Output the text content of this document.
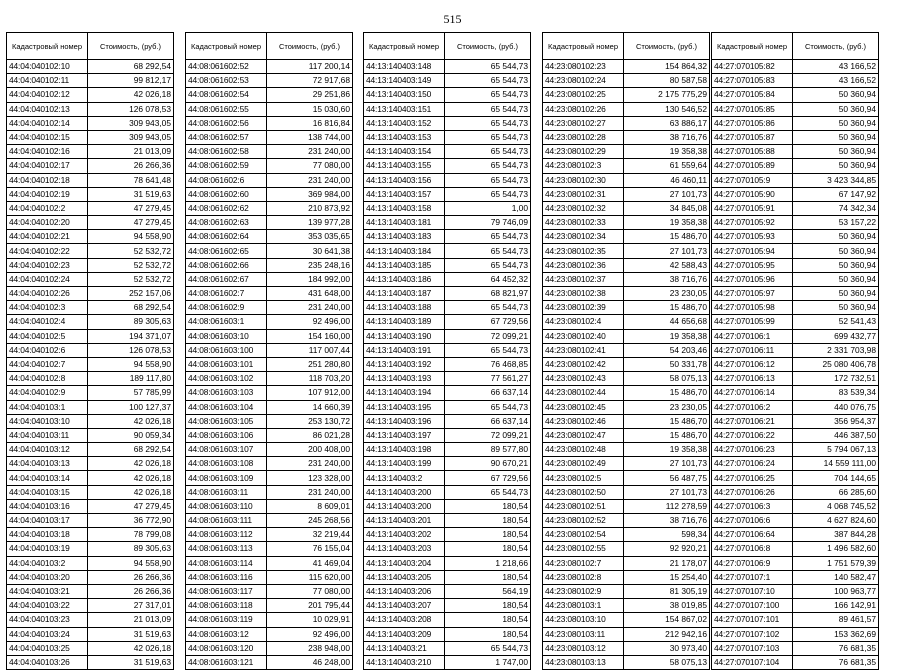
515
Кадастровый номер	Стоимость, (руб.)
44:04:040102:10	68 292,54
44:04:040102:11	99 812,17
44:04:040102:12	42 026,18
44:04:040102:13	126 078,53
44:04:040102:14	309 943,05
44:04:040102:15	309 943,05
44:04:040102:16	21 013,09
44:04:040102:17	26 266,36
44:04:040102:18	78 641,48
44:04:040102:19	31 519,63
44:04:040102:2	47 279,45
44:04:040102:20	47 279,45
44:04:040102:21	94 558,90
44:04:040102:22	52 532,72
44:04:040102:23	52 532,72
44:04:040102:24	52 532,72
44:04:040102:26	252 157,06
44:04:040102:3	68 292,54
44:04:040102:4	89 305,63
44:04:040102:5	194 371,07
44:04:040102:6	126 078,53
44:04:040102:7	94 558,90
44:04:040102:8	189 117,80
44:04:040102:9	57 785,99
44:04:040103:1	100 127,37
44:04:040103:10	42 026,18
44:04:040103:11	90 059,34
44:04:040103:12	68 292,54
44:04:040103:13	42 026,18
44:04:040103:14	42 026,18
44:04:040103:15	42 026,18
44:04:040103:16	47 279,45
44:04:040103:17	36 772,90
44:04:040103:18	78 799,08
44:04:040103:19	89 305,63
44:04:040103:2	94 558,90
44:04:040103:20	26 266,36
44:04:040103:21	26 266,36
44:04:040103:22	27 317,01
44:04:040103:23	21 013,09
44:04:040103:24	31 519,63
44:04:040103:25	42 026,18
44:04:040103:26	31 519,63
Кадастровый номер	Стоимость, (руб.)
44:08:061602:52	117 200,14
44:08:061602:53	72 917,68
44:08:061602:54	29 251,86
44:08:061602:55	15 030,60
44:08:061602:56	16 816,84
44:08:061602:57	138 744,00
44:08:061602:58	231 240,00
44:08:061602:59	77 080,00
44:08:061602:6	231 240,00
44:08:061602:60	369 984,00
44:08:061602:62	210 873,92
44:08:061602:63	139 977,28
44:08:061602:64	353 035,65
44:08:061602:65	30 641,38
44:08:061602:66	235 248,16
44:08:061602:67	184 992,00
44:08:061602:7	431 648,00
44:08:061602:9	231 240,00
44:08:061603:1	92 496,00
44:08:061603:10	154 160,00
44:08:061603:100	117 007,44
44:08:061603:101	251 280,80
44:08:061603:102	118 703,20
44:08:061603:103	107 912,00
44:08:061603:104	14 660,39
44:08:061603:105	253 130,72
44:08:061603:106	86 021,28
44:08:061603:107	200 408,00
44:08:061603:108	231 240,00
44:08:061603:109	123 328,00
44:08:061603:11	231 240,00
44:08:061603:110	8 609,01
44:08:061603:111	245 268,56
44:08:061603:112	32 219,44
44:08:061603:113	76 155,04
44:08:061603:114	41 469,04
44:08:061603:116	115 620,00
44:08:061603:117	77 080,00
44:08:061603:118	201 795,44
44:08:061603:119	10 029,91
44:08:061603:12	92 496,00
44:08:061603:120	238 948,00
44:08:061603:121	46 248,00
Кадастровый номер	Стоимость, (руб.)
44:13:140403:148	65 544,73
44:13:140403:149	65 544,73
44:13:140403:150	65 544,73
44:13:140403:151	65 544,73
44:13:140403:152	65 544,73
44:13:140403:153	65 544,73
44:13:140403:154	65 544,73
44:13:140403:155	65 544,73
44:13:140403:156	65 544,73
44:13:140403:157	65 544,73
44:13:140403:158	1,00
44:13:140403:181	79 746,09
44:13:140403:183	65 544,73
44:13:140403:184	65 544,73
44:13:140403:185	65 544,73
44:13:140403:186	64 452,32
44:13:140403:187	68 821,97
44:13:140403:188	65 544,73
44:13:140403:189	67 729,56
44:13:140403:190	72 099,21
44:13:140403:191	65 544,73
44:13:140403:192	76 468,85
44:13:140403:193	77 561,27
44:13:140403:194	66 637,14
44:13:140403:195	65 544,73
44:13:140403:196	66 637,14
44:13:140403:197	72 099,21
44:13:140403:198	89 577,80
44:13:140403:199	90 670,21
44:13:140403:2	67 729,56
44:13:140403:200	65 544,73
44:13:140403:200	180,54
44:13:140403:201	180,54
44:13:140403:202	180,54
44:13:140403:203	180,54
44:13:140403:204	1 218,66
44:13:140403:205	180,54
44:13:140403:206	564,19
44:13:140403:207	180,54
44:13:140403:208	180,54
44:13:140403:209	180,54
44:13:140403:21	65 544,73
44:13:140403:210	1 747,00
Кадастровый номер	Стоимость, (руб.)
44:23:080102:23	154 864,32
44:23:080102:24	80 587,58
44:23:080102:25	2 175 775,29
44:23:080102:26	130 546,52
44:23:080102:27	63 886,17
44:23:080102:28	38 716,76
44:23:080102:29	19 358,38
44:23:080102:3	61 559,64
44:23:080102:30	46 460,11
44:23:080102:31	27 101,73
44:23:080102:32	34 845,08
44:23:080102:33	19 358,38
44:23:080102:34	15 486,70
44:23:080102:35	27 101,73
44:23:080102:36	42 588,43
44:23:080102:37	38 716,76
44:23:080102:38	23 230,05
44:23:080102:39	15 486,70
44:23:080102:4	44 656,68
44:23:080102:40	19 358,38
44:23:080102:41	54 203,46
44:23:080102:42	50 331,78
44:23:080102:43	58 075,13
44:23:080102:44	15 486,70
44:23:080102:45	23 230,05
44:23:080102:46	15 486,70
44:23:080102:47	15 486,70
44:23:080102:48	19 358,38
44:23:080102:49	27 101,73
44:23:080102:5	56 487,75
44:23:080102:50	27 101,73
44:23:080102:51	112 278,59
44:23:080102:52	38 716,76
44:23:080102:54	598,34
44:23:080102:55	92 920,21
44:23:080102:7	21 178,07
44:23:080102:8	15 254,40
44:23:080102:9	81 305,19
44:23:080103:1	38 019,85
44:23:080103:10	154 867,02
44:23:080103:11	212 942,16
44:23:080103:12	30 973,40
44:23:080103:13	58 075,13
Кадастровый номер	Стоимость, (руб.)
44:27:070105:82	43 166,52
44:27:070105:83	43 166,52
44:27:070105:84	50 360,94
44:27:070105:85	50 360,94
44:27:070105:86	50 360,94
44:27:070105:87	50 360,94
44:27:070105:88	50 360,94
44:27:070105:89	50 360,94
44:27:070105:9	3 423 344,85
44:27:070105:90	67 147,92
44:27:070105:91	74 342,34
44:27:070105:92	53 157,22
44:27:070105:93	50 360,94
44:27:070105:94	50 360,94
44:27:070105:95	50 360,94
44:27:070105:96	50 360,94
44:27:070105:97	50 360,94
44:27:070105:98	50 360,94
44:27:070105:99	52 541,43
44:27:070106:1	699 432,77
44:27:070106:11	2 331 703,98
44:27:070106:12	25 080 406,78
44:27:070106:13	172 732,51
44:27:070106:14	83 539,34
44:27:070106:2	440 076,75
44:27:070106:21	356 954,37
44:27:070106:22	446 387,50
44:27:070106:23	5 794 067,13
44:27:070106:24	14 559 111,00
44:27:070106:25	704 144,65
44:27:070106:26	66 285,60
44:27:070106:3	4 068 745,52
44:27:070106:6	4 627 824,60
44:27:070106:64	387 844,28
44:27:070106:8	1 496 582,60
44:27:070106:9	1 751 579,39
44:27:070107:1	140 582,47
44:27:070107:10	100 963,77
44:27:070107:100	166 142,91
44:27:070107:101	89 461,57
44:27:070107:102	153 362,69
44:27:070107:103	76 681,35
44:27:070107:104	76 681,35
